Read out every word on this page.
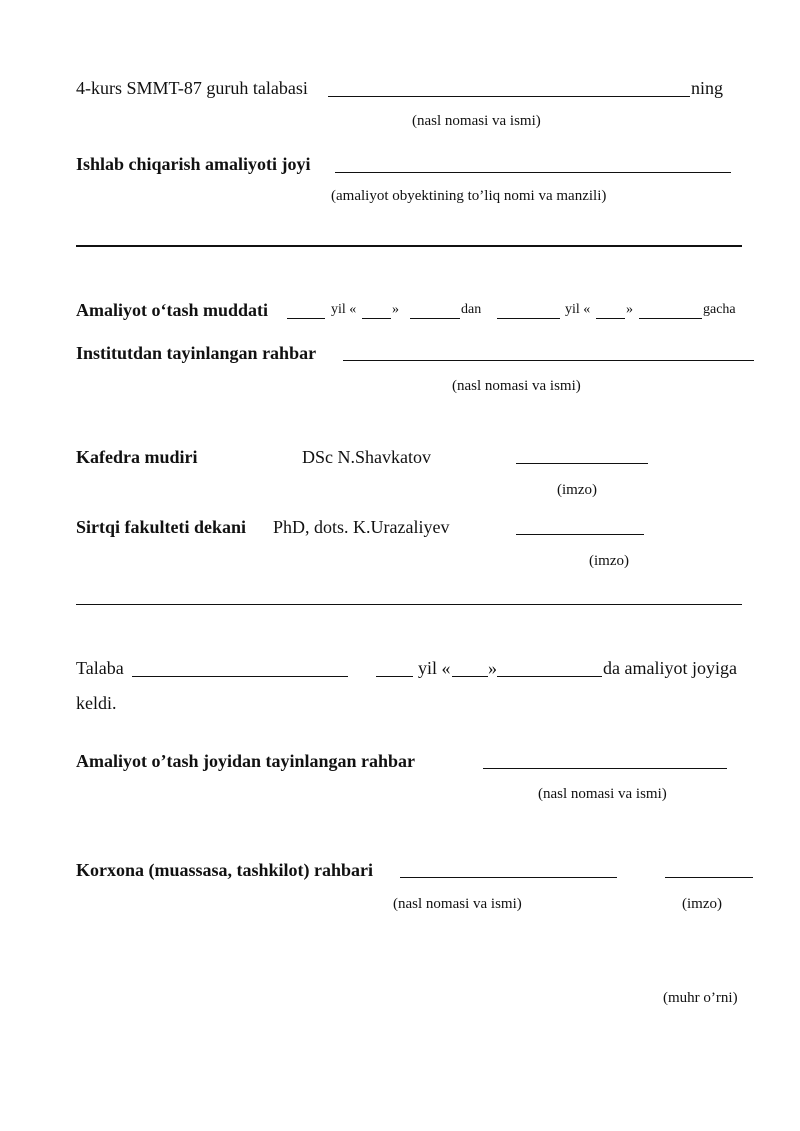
4-kurs SMMT-87 guruh talabasi	ning
(nasl nomasi va ismi)
Ishlab chiqarish amaliyoti joyi
(amaliyot obyektining to’liq nomi va manzili)
Amaliyot o‘tash muddati	yil «	»	dan	yil «	»	gacha
Institutdan tayinlangan rahbar
(nasl nomasi va ismi)
Kafedra mudiri	DSc N.Shavkatov
(imzo)
Sirtqi fakulteti dekani PhD, dots. K.Urazaliyev
(imzo)
Talaba	yil « »	da amaliyot joyiga
keldi.
Amaliyot o’tash joyidan tayinlangan rahbar
(nasl nomasi va ismi)
Korxona (muassasa, tashkilot) rahbari
(nasl nomasi va ismi)	(imzo)
(muhr o’rni)
